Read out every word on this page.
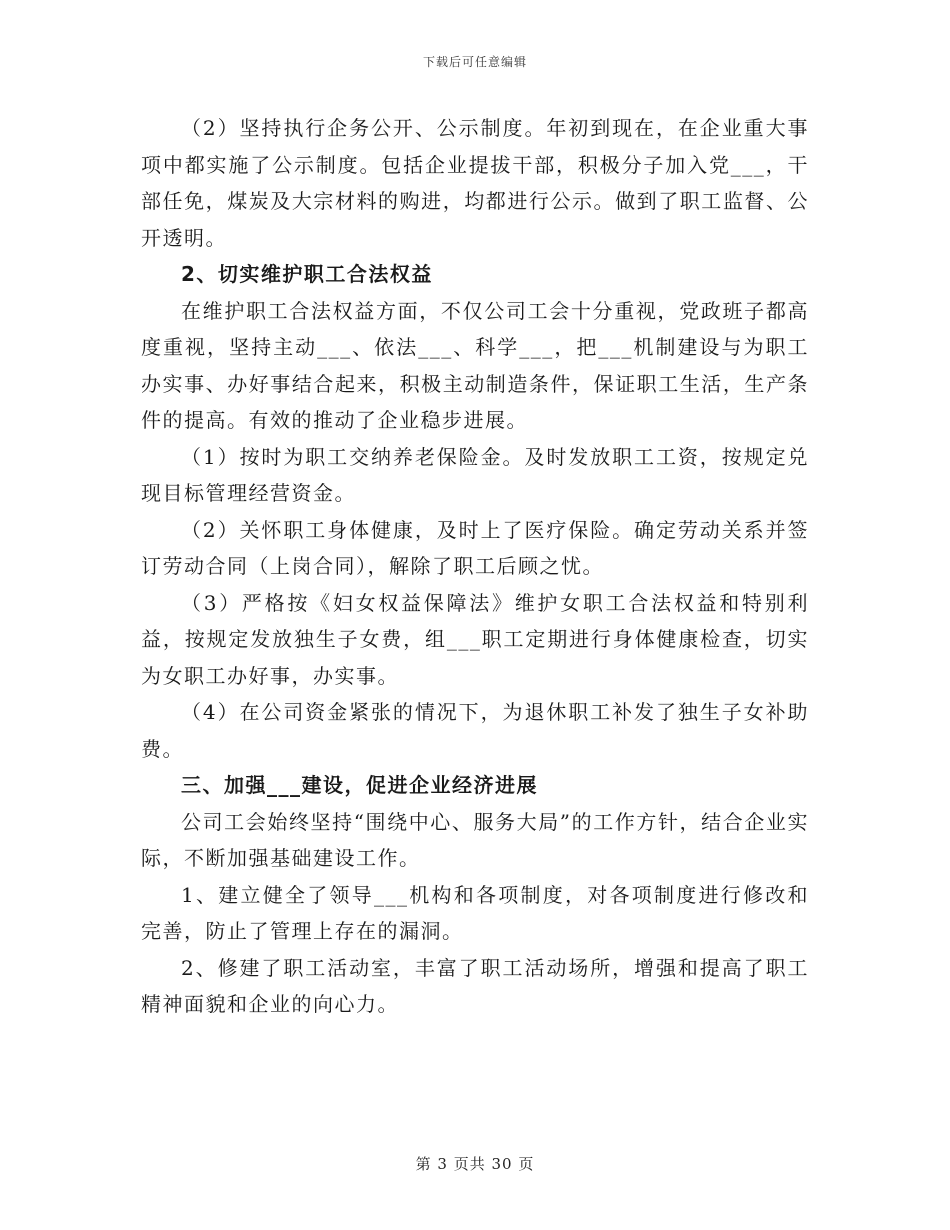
下载后可任意编辑

（2）坚持执行企务公开、公示制度。年初到现在，在企业重大事项中都实施了公示制度。包括企业提拔干部，积极分子加入党___，干部任免，煤炭及大宗材料的购进，均都进行公示。做到了职工监督、公开透明。

2、切实维护职工合法权益

在维护职工合法权益方面，不仅公司工会十分重视，党政班子都高度重视，坚持主动___、依法___、科学___，把___机制建设与为职工办实事、办好事结合起来，积极主动制造条件，保证职工生活，生产条件的提高。有效的推动了企业稳步进展。

（1）按时为职工交纳养老保险金。及时发放职工工资，按规定兑现目标管理经营资金。

（2）关怀职工身体健康，及时上了医疗保险。确定劳动关系并签订劳动合同（上岗合同），解除了职工后顾之忧。

（3）严格按《妇女权益保障法》维护女职工合法权益和特别利益，按规定发放独生子女费，组___职工定期进行身体健康检查，切实为女职工办好事，办实事。

（4）在公司资金紧张的情况下，为退休职工补发了独生子女补助费。

三、加强___建设，促进企业经济进展

公司工会始终坚持“围绕中心、服务大局”的工作方针，结合企业实际，不断加强基础建设工作。

1、建立健全了领导___机构和各项制度，对各项制度进行修改和完善，防止了管理上存在的漏洞。

2、修建了职工活动室，丰富了职工活动场所，增强和提高了职工精神面貌和企业的向心力。

第 3 页共 30 页
